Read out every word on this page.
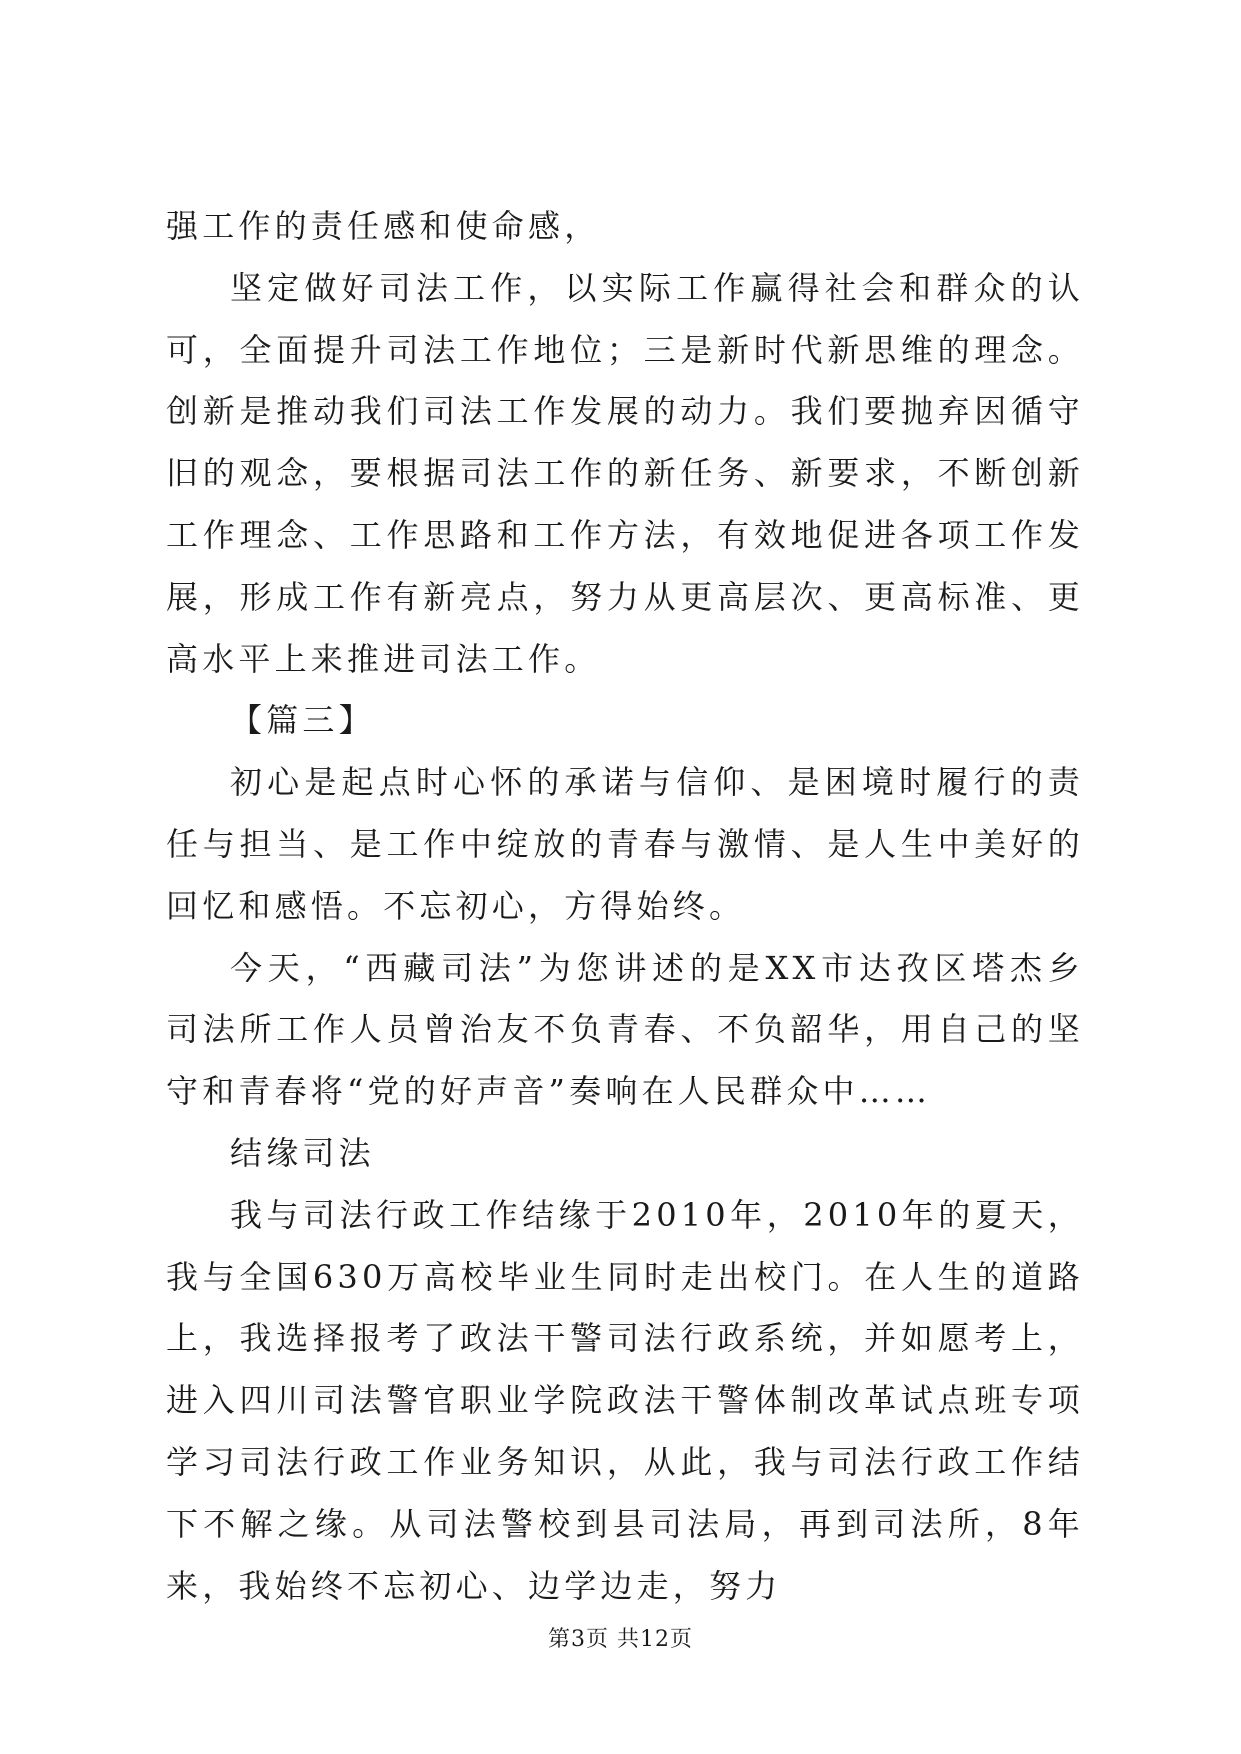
强工作的责任感和使命感，

坚定做好司法工作，以实际工作赢得社会和群众的认可，全面提升司法工作地位；三是新时代新思维的理念。创新是推动我们司法工作发展的动力。我们要抛弃因循守旧的观念，要根据司法工作的新任务、新要求，不断创新工作理念、工作思路和工作方法，有效地促进各项工作发展，形成工作有新亮点，努力从更高层次、更高标准、更高水平上来推进司法工作。

【篇三】

初心是起点时心怀的承诺与信仰、是困境时履行的责任与担当、是工作中绽放的青春与激情、是人生中美好的回忆和感悟。不忘初心，方得始终。

今天，“西藏司法”为您讲述的是XX市达孜区塔杰乡司法所工作人员曾治友不负青春、不负韶华，用自己的坚守和青春将“党的好声音”奏响在人民群众中……

结缘司法

我与司法行政工作结缘于2010年，2010年的夏天，我与全国630万高校毕业生同时走出校门。在人生的道路上，我选择报考了政法干警司法行政系统，并如愿考上，进入四川司法警官职业学院政法干警体制改革试点班专项学习司法行政工作业务知识，从此，我与司法行政工作结下不解之缘。从司法警校到县司法局，再到司法所，8年来，我始终不忘初心、边学边走，努力

第3页 共12页
